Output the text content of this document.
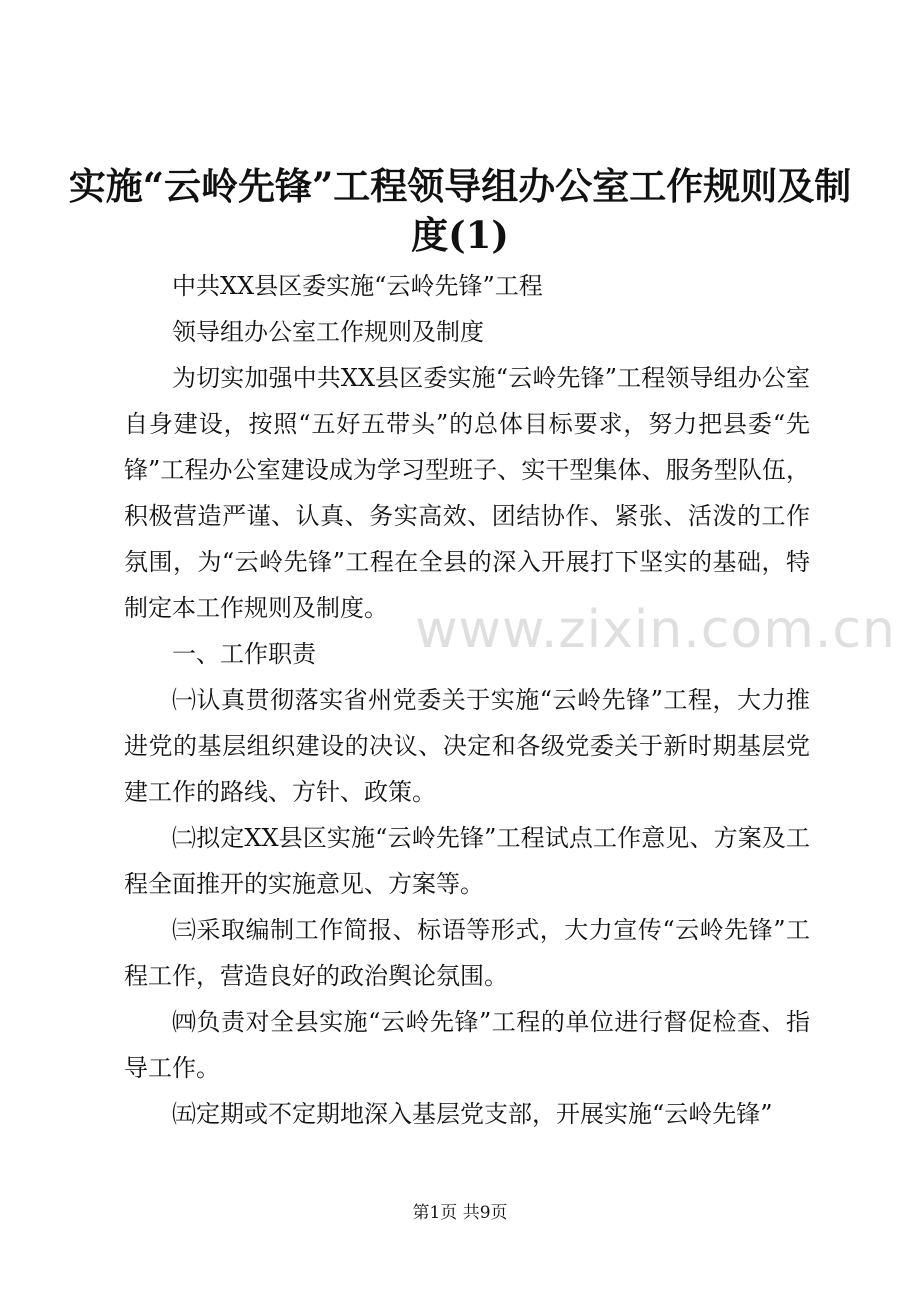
实施“云岭先锋”工程领导组办公室工作规则及制度(1)

中共XX县区委实施“云岭先锋”工程

领导组办公室工作规则及制度

为切实加强中共XX县区委实施“云岭先锋”工程领导组办公室自身建设，按照“五好五带头”的总体目标要求，努力把县委“先锋”工程办公室建设成为学习型班子、实干型集体、服务型队伍，积极营造严谨、认真、务实高效、团结协作、紧张、活泼的工作氛围，为“云岭先锋”工程在全县的深入开展打下坚实的基础，特制定本工作规则及制度。

一、工作职责

㈠认真贯彻落实省州党委关于实施“云岭先锋”工程，大力推进党的基层组织建设的决议、决定和各级党委关于新时期基层党建工作的路线、方针、政策。

㈡拟定XX县区实施“云岭先锋”工程试点工作意见、方案及工程全面推开的实施意见、方案等。

㈢采取编制工作简报、标语等形式，大力宣传“云岭先锋”工程工作，营造良好的政治舆论氛围。

㈣负责对全县实施“云岭先锋”工程的单位进行督促检查、指导工作。

㈤定期或不定期地深入基层党支部，开展实施“云岭先锋”

www.zixin.com.cn
第1页 共9页
